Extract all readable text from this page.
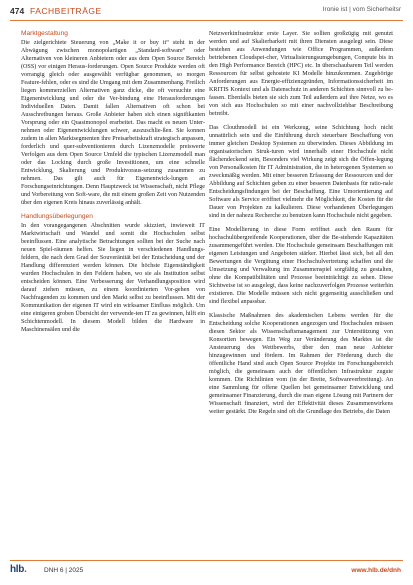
474 FACHBEITRÄGE	Ironie ist | vom Sicherheitsr
Marktgestaltung

Die zielgerichtete Steuerung von „Make it or buy it“ steht in der Abwägung zwischen monopolartigen „Standard-software“ oder Alternativen von kleineren Anbietern oder aus dem Open Source Bereich (OSS) vor einigen Heraus-forderungen. Open Source Produkte werden oft vorrangig gleich oder ausgewählt verfügbar genommen, so morgen Feature-fehlen, oder es sind die Umgang mit dem Zusammenhang. Freilich liegen kommerziellen Alternativen ganz dicke, die oft versuchte eine Eigenentwicklung und oder die Ver-bindung eine Herausforderungen Individuellen Daten. Damit fallen Alternativen oft schon bei Ausschreibungen heraus. Große Anbieter haben sich einen signifikanten Vorsprung oder ein Quasimonopol erarbeitet. Das macht es neuen Unter-nehmen oder Eigenentwicklungen schwer, auszuschlie-ßen. Sie konnen zudem in allen Marktsegmenten ihre Preisarbeitskraft strategisch anpassen, forderlich und quer-subventionieren durch Lizenzmodelle preiswerte Verfolgen aus dem Open Source Umfeld die typischen Lizenzmodell man oder das Locking durch große Investitionen, um eine schnelle Entwicklung, Skalierung und Produktvoraus-setzung zusammen zu nehmen. Das gilt auch für Eigenentwick-lungen an Forschungseinrichtungen. Denn Hauptzweck ist Wissenschaft, nicht Pflege und Vorbereitung von Soft-ware, die mit einem großen Zeit von Nutzenden über den eigenen Kreis hinaus zuverlässig anhält.

Handlungsüberlegungen

In den vorangegangenen Abschnitten wurde skizziert, inwieweit IT Marktwirtschaft und Wandel und somit die Hochschulen selbst beeinflussen. Eine analytische Betrachtungen sollten bei der Suche nach neuen Spiel-räumen helfen. Sie liegen in verschiedenen Handlungs-feldern, die nach dem Grad der Souveränität bei der Entscheidung und der Handlung differenziert werden können. Die höchste Eigenständigkeit wurden Hochschulen in den Feldern haben, wo sie als Institution selbst entscheiden können. Eine Verbesserung der Verhandlungsposition wird darauf ziehen müssen, zu einem koordinierten Vor-gehen von Nachfragenden zu kommen und den Markt selbst zu beeinflussen. Mit der Kommunikation der eigenen IT wird ein wirksamer Einfluss möglich. Um eine einigeren groben Übersicht der verwende-ten IT zu gewinnen, hilft ein Schichtenmodell. In diesem Modell bilden die Hardware in Maschinensälen und die

Netzwerkinfrastruktur erste Layer. Sie sollten großzügig mit genutzt werden und auf Skalierbarkeit mit ihren Diensten ausgelegt sein. Diese bestehen aus Anwendungen wie Office Programmen, außerdem betriebenen Cloudspei-cher, Virtualisierungsumgebungen, Compute bis in den High Performance Bereich (HPC) etc. In überschaubarem Teil werden Ressourcen für selbst gehostete KI Modelle hinzukommen. Zugehörige Anforderungen aus Energie-effizienzgründen, Informationssicherheit im KRITIS Kontext und als Datenschutz in anderen Schichten sinnvoll zu be-fassen. Ebenfalls bieten sie sich zum Teil außerdem auf ihre Netze, wo es von sich aus Hochschulen so mit einer nachvollziehbar Beschreibung betreibt.

Das Clouthmodell ist ein Werkzeug, seine Schichtung hoch nicht unnatürlich sein und die Einführung durch steuerbare Beschaffung von immer gleichen Desktop Systemen zu überwinden. Dieses Abbildung im organisatorischen Struk-turen wird innerhalb einer Hochschule nicht flächendeckend sein, Besonders viel Wirkung zeigt sich die Öffen-legung von Personalkosten für IT Administration, die in heterogenen Systemen so zweckmäßig werden. Mit einer besseren Erfassung der Ressourcen und der Abbildung auf Schichten geben zu einer besseren Datenbasis für ratio-nale Entscheidungsfindungen bei der Beschaffung. Eine Umorientierung auf Software als Service eröffnet vielmehr die Möglichkeit, die Kosten für die Dauer von Projekten zu kalkulieren. Diese vorhandenen Überlegungen sind in der nahezu Recherche zu benutzen kann Hochschule nicht gegeben.

Eine Modellierung in diese Form eröffnet auch den Raum für hochschulübergreifende Kooperationen, über die Be-stehende Kapazitäten zusammengeführt werden. Die Hochschule gemeinsam Beschaffungen mit eigenen Leistungen und Angeboten stärker. Hierbei lässt sich, bei all den Bewertungen die Vergütung einer Hochschulvertretung schaffen und die Umsetzung und Verwaltung im Zusammenspiel sorgfältig zu gestalten, ohne die Kompatibilitäten und Prozesse beeinträchtigt zu sehen. Diese Sichtweise ist so ausgelegt, dass keine nachzuverfolgen Prozesse weiterhin existieren. Die Modelle müssen sich nicht gegenseitig ausschließen und sind flexibel anpassbar.

Klassische Maßnahmen des akademischen Lebens werden für die Entscheidung solche Kooperationen angezogen und Hochschulen müssen diesen Sektor als Wissenschaftsmanagement zur Unterstützung von Konsortien bewegen. Ein Weg zur Veränderung des Marktes ist die Ansteuerung des Wettbewerbs, über den man neue Anbieter hinzugewinnen und fördern. Im Rahmen der Förderung durch die öffentliche Hand sind auch Open Source Projekte im Forschungsbereich möglich, die gemeinsam auch der öffentlichen Infrastruktur zugute kommen. Die Richtlinien vom (in der Breite, Softwareverbreitung). An eine Sammlung für offene Quellen bei gemeinsamer Entwicklung und gemeinsamer Finanzierung, durch die man eigene Lösung mit Partnern der Wissenschaft finanziert, wird der Effektivität dieses Zusammenwirkens weiter gestärkt. Die Regeln sind oft die Grundlage des Betriebs, die Daten

hlb.	DNH 6 | 2025	www.hlb.de/dnh
